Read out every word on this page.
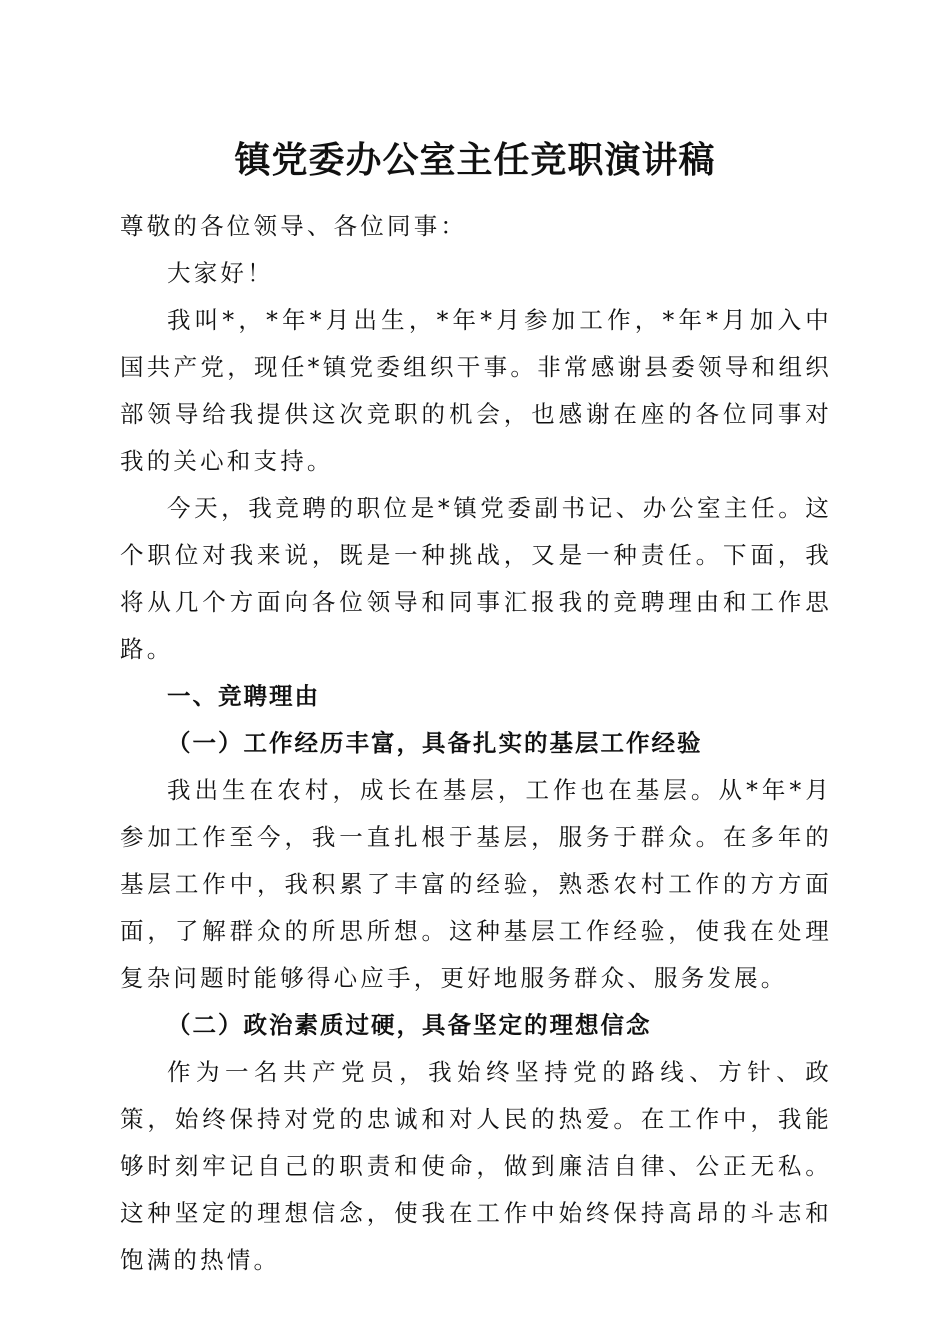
镇党委办公室主任竞职演讲稿

尊敬的各位领导、各位同事：

大家好！

我叫*，*年*月出生，*年*月参加工作，*年*月加入中国共产党，现任*镇党委组织干事。非常感谢县委领导和组织部领导给我提供这次竞职的机会，也感谢在座的各位同事对我的关心和支持。

今天，我竞聘的职位是*镇党委副书记、办公室主任。这个职位对我来说，既是一种挑战，又是一种责任。下面，我将从几个方面向各位领导和同事汇报我的竞聘理由和工作思路。

一、竞聘理由

（一）工作经历丰富，具备扎实的基层工作经验

我出生在农村，成长在基层，工作也在基层。从*年*月参加工作至今，我一直扎根于基层，服务于群众。在多年的基层工作中，我积累了丰富的经验，熟悉农村工作的方方面面，了解群众的所思所想。这种基层工作经验，使我在处理复杂问题时能够得心应手，更好地服务群众、服务发展。

（二）政治素质过硬，具备坚定的理想信念

作为一名共产党员，我始终坚持党的路线、方针、政策，始终保持对党的忠诚和对人民的热爱。在工作中，我能够时刻牢记自己的职责和使命，做到廉洁自律、公正无私。这种坚定的理想信念，使我在工作中始终保持高昂的斗志和饱满的热情。
